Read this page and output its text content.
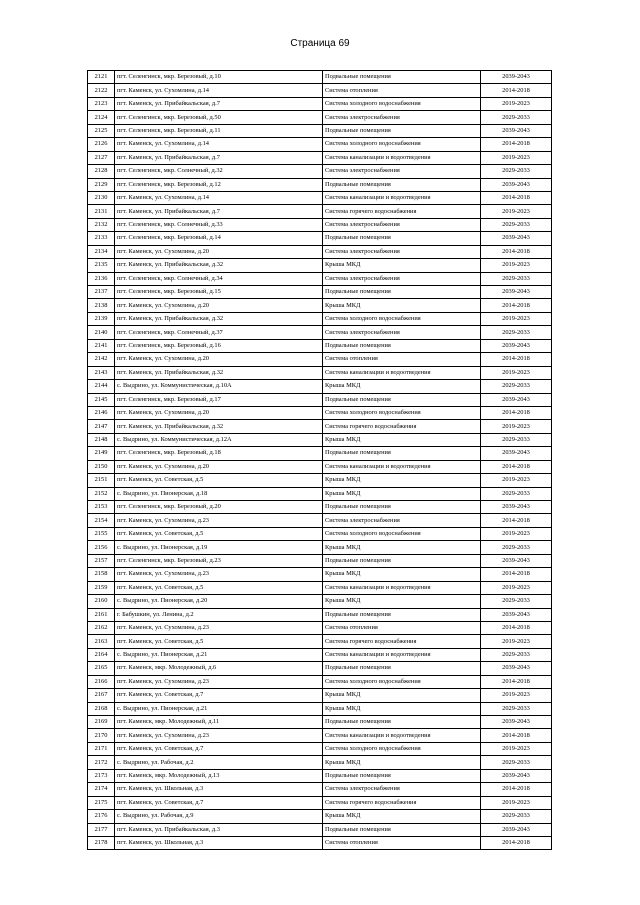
Страница 69
2121	пгт. Селенгинск, мкр. Березовый, д.10	Подвальные помещения	2039-2043
2122	пгт. Каменск, ул. Сухомлина, д.14	Система отопления	2014-2018
2123	пгт. Каменск, ул. Прибайкальская, д.7	Система холодного водоснабжения	2019-2023
2124	пгт. Селенгинск, мкр. Березовый, д.50	Система электроснабжения	2029-2033
2125	пгт. Селенгинск, мкр. Березовый, д.11	Подвальные помещения	2039-2043
2126	пгт. Каменск, ул. Сухомлина, д.14	Система холодного водоснабжения	2014-2018
2127	пгт. Каменск, ул. Прибайкальская, д.7	Система канализации и водоотведения	2019-2023
2128	пгт. Селенгинск, мкр. Солнечный, д.32	Система электроснабжения	2029-2033
2129	пгт. Селенгинск, мкр. Березовый, д.12	Подвальные помещения	2039-2043
2130	пгт. Каменск, ул. Сухомлина, д.14	Система канализации и водоотведения	2014-2018
2131	пгт. Каменск, ул. Прибайкальская, д.7	Система горячего водоснабжения	2019-2023
2132	пгт. Селенгинск, мкр. Солнечный, д.33	Система электроснабжения	2029-2033
2133	пгт. Селенгинск, мкр. Березовый, д.14	Подвальные помещения	2039-2043
2134	пгт. Каменск, ул. Сухомлина, д.20	Система электроснабжения	2014-2018
2135	пгт. Каменск, ул. Прибайкальская, д.32	Крыша МКД	2019-2023
2136	пгт. Селенгинск, мкр. Солнечный, д.34	Система электроснабжения	2029-2033
2137	пгт. Селенгинск, мкр. Березовый, д.15	Подвальные помещения	2039-2043
2138	пгт. Каменск, ул. Сухомлина, д.20	Крыша МКД	2014-2018
2139	пгт. Каменск, ул. Прибайкальская, д.32	Система холодного водоснабжения	2019-2023
2140	пгт. Селенгинск, мкр. Солнечный, д.37	Система электроснабжения	2029-2033
2141	пгт. Селенгинск, мкр. Березовый, д.16	Подвальные помещения	2039-2043
2142	пгт. Каменск, ул. Сухомлина, д.20	Система отопления	2014-2018
2143	пгт. Каменск, ул. Прибайкальская, д.32	Система канализации и водоотведения	2019-2023
2144	с. Выдрино, ул. Коммунистическая, д.10А	Крыша МКД	2029-2033
2145	пгт. Селенгинск, мкр. Березовый, д.17	Подвальные помещения	2039-2043
2146	пгт. Каменск, ул. Сухомлина, д.20	Система холодного водоснабжения	2014-2018
2147	пгт. Каменск, ул. Прибайкальская, д.32	Система горячего водоснабжения	2019-2023
2148	с. Выдрино, ул. Коммунистическая, д.12А	Крыша МКД	2029-2033
2149	пгт. Селенгинск, мкр. Березовый, д.18	Подвальные помещения	2039-2043
2150	пгт. Каменск, ул. Сухомлина, д.20	Система канализации и водоотведения	2014-2018
2151	пгт. Каменск, ул. Советская, д.5	Крыша МКД	2019-2023
2152	с. Выдрино, ул. Пионерская, д.18	Крыша МКД	2029-2033
2153	пгт. Селенгинск, мкр. Березовый, д.20	Подвальные помещения	2039-2043
2154	пгт. Каменск, ул. Сухомлина, д.23	Система электроснабжения	2014-2018
2155	пгт. Каменск, ул. Советская, д.5	Система холодного водоснабжения	2019-2023
2156	с. Выдрино, ул. Пионерская, д.19	Крыша МКД	2029-2033
2157	пгт. Селенгинск, мкр. Березовый, д.23	Подвальные помещения	2039-2043
2158	пгт. Каменск, ул. Сухомлина, д.23	Крыша МКД	2014-2018
2159	пгт. Каменск, ул. Советская, д.5	Система канализации и водоотведения	2019-2023
2160	с. Выдрино, ул. Пионерская, д.20	Крыша МКД	2029-2033
2161	г. Бабушкин, ул. Ленина, д.2	Подвальные помещения	2039-2043
2162	пгт. Каменск, ул. Сухомлина, д.23	Система отопления	2014-2018
2163	пгт. Каменск, ул. Советская, д.5	Система горячего водоснабжения	2019-2023
2164	с. Выдрино, ул. Пионерская, д.21	Система канализации и водоотведения	2029-2033
2165	пгт. Каменск, мкр. Молодежный, д.6	Подвальные помещения	2039-2043
2166	пгт. Каменск, ул. Сухомлина, д.23	Система холодного водоснабжения	2014-2018
2167	пгт. Каменск, ул. Советская, д.7	Крыша МКД	2019-2023
2168	с. Выдрино, ул. Пионерская, д.21	Крыша МКД	2029-2033
2169	пгт. Каменск, мкр. Молодежный, д.11	Подвальные помещения	2039-2043
2170	пгт. Каменск, ул. Сухомлина, д.23	Система канализации и водоотведения	2014-2018
2171	пгт. Каменск, ул. Советская, д.7	Система холодного водоснабжения	2019-2023
2172	с. Выдрино, ул. Рабочая, д.2	Крыша МКД	2029-2033
2173	пгт. Каменск, мкр. Молодежный, д.13	Подвальные помещения	2039-2043
2174	пгт. Каменск, ул. Школьная, д.3	Система электроснабжения	2014-2018
2175	пгт. Каменск, ул. Советская, д.7	Система горячего водоснабжения	2019-2023
2176	с. Выдрино, ул. Рабочая, д.9	Крыша МКД	2029-2033
2177	пгт. Каменск, ул. Прибайкальская, д.3	Подвальные помещения	2039-2043
2178	пгт. Каменск, ул. Школьная, д.3	Система отопления	2014-2018
